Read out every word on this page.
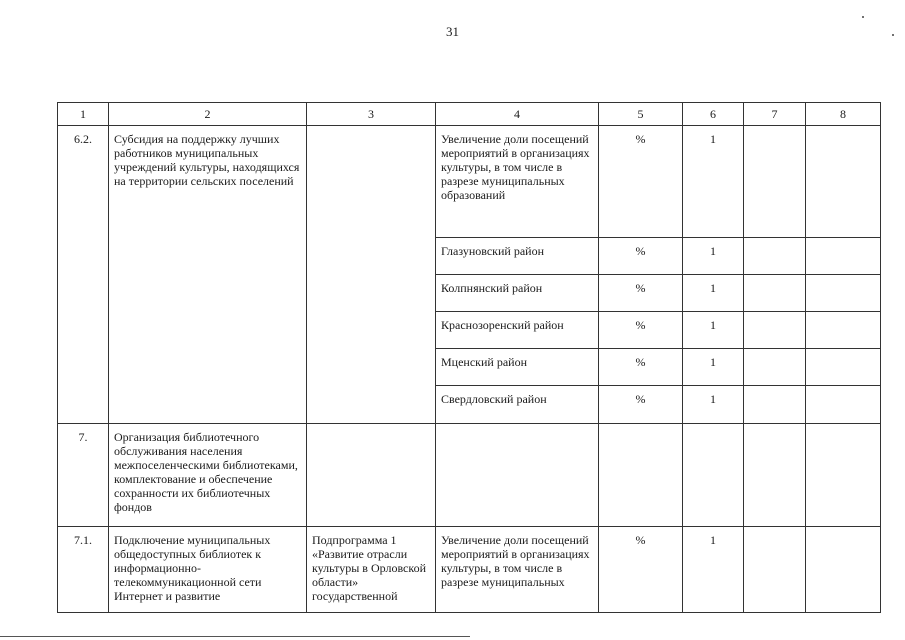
31
1	2	3	4	5	6	7	8
6.2.	Субсидия на поддержку лучших работников муниципальных учреждений культуры, находящихся на территории сельских поселений		Увеличение доли посещений мероприятий в организациях культуры, в том числе в разрезе муниципальных образований	%	1		
			Глазуновский район	%	1		
			Колпнянский район	%	1		
			Краснозоренский район	%	1		
			Мценский район	%	1		
			Свердловский район	%	1		
7.	Организация библиотечного обслуживания населения межпоселенческими библиотеками, комплектование и обеспечение сохранности их библиотечных фондов						
7.1.	Подключение муниципальных общедоступных библиотек к информационно-телекоммуникационной сети Интернет и развитие	Подпрограмма 1 «Развитие отрасли культуры в Орловской области» государственной	Увеличение доли посещений мероприятий в организациях культуры, в том числе в разрезе муниципальных	%	1		
